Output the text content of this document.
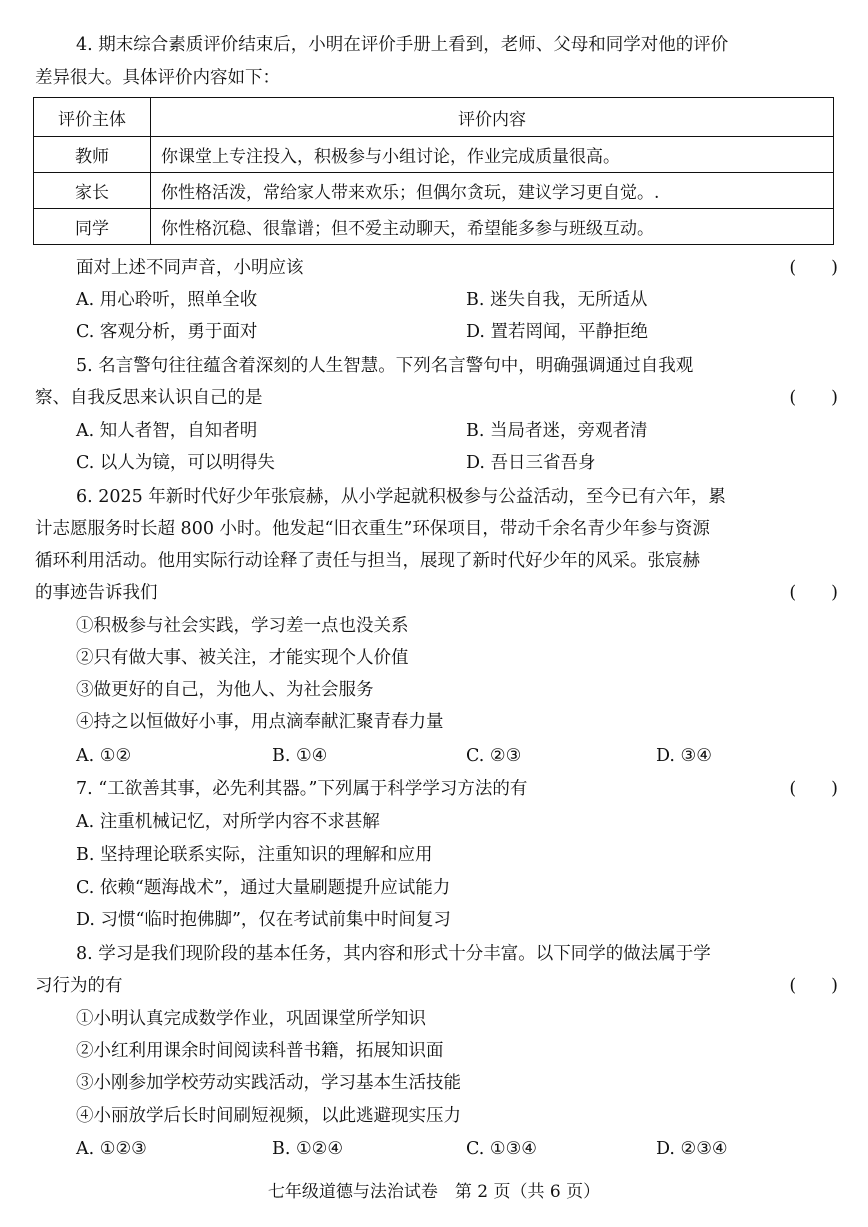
4. 期末综合素质评价结束后，小明在评价手册上看到，老师、父母和同学对他的评价
差异很大。具体评价内容如下：
评价主体	评价内容
教师	你课堂上专注投入，积极参与小组讨论，作业完成质量很高。
家长	你性格活泼，常给家人带来欢乐；但偶尔贪玩，建议学习更自觉。.
同学	你性格沉稳、很靠谱；但不爱主动聊天，希望能多参与班级互动。
面对上述不同声音，小明应该	(　　)
A. 用心聆听，照单全收	B. 迷失自我，无所适从
C. 客观分析，勇于面对	D. 置若罔闻，平静拒绝
5. 名言警句往往蕴含着深刻的人生智慧。下列名言警句中，明确强调通过自我观
察、自我反思来认识自己的是	(　　)
A. 知人者智，自知者明	B. 当局者迷，旁观者清
C. 以人为镜，可以明得失	D. 吾日三省吾身
6. 2025 年新时代好少年张宸赫，从小学起就积极参与公益活动，至今已有六年，累
计志愿服务时长超 800 小时。他发起“旧衣重生”环保项目，带动千余名青少年参与资源
循环利用活动。他用实际行动诠释了责任与担当，展现了新时代好少年的风采。张宸赫
的事迹告诉我们	(　　)
①积极参与社会实践，学习差一点也没关系
②只有做大事、被关注，才能实现个人价值
③做更好的自己，为他人、为社会服务
④持之以恒做好小事，用点滴奉献汇聚青春力量
A. ①②	B. ①④	C. ②③	D. ③④
7. “工欲善其事，必先利其器。”下列属于科学学习方法的有	(　　)
A. 注重机械记忆，对所学内容不求甚解
B. 坚持理论联系实际，注重知识的理解和应用
C. 依赖“题海战术”，通过大量刷题提升应试能力
D. 习惯“临时抱佛脚”，仅在考试前集中时间复习
8. 学习是我们现阶段的基本任务，其内容和形式十分丰富。以下同学的做法属于学
习行为的有	(　　)
①小明认真完成数学作业，巩固课堂所学知识
②小红利用课余时间阅读科普书籍，拓展知识面
③小刚参加学校劳动实践活动，学习基本生活技能
④小丽放学后长时间刷短视频，以此逃避现实压力
A. ①②③	B. ①②④	C. ①③④	D. ②③④
七年级道德与法治试卷　第 2 页（共 6 页）
